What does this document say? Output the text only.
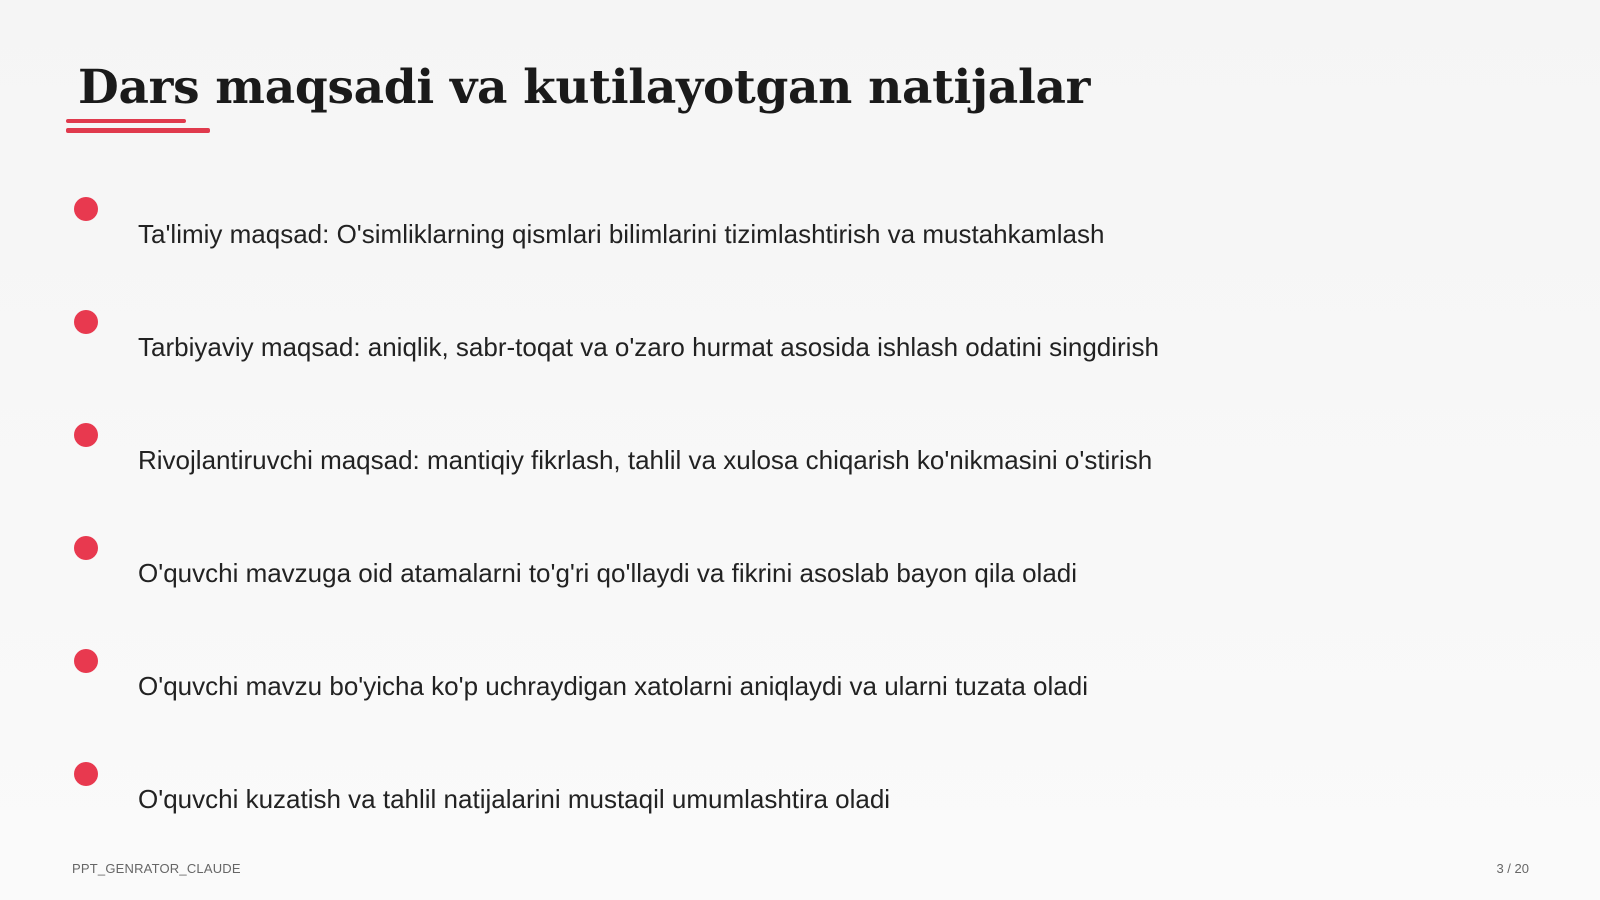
Dars maqsadi va kutilayotgan natijalar
Ta'limiy maqsad: O'simliklarning qismlari bilimlarini tizimlashtirish va mustahkamlash
Tarbiyaviy maqsad: aniqlik, sabr-toqat va o'zaro hurmat asosida ishlash odatini singdirish
Rivojlantiruvchi maqsad: mantiqiy fikrlash, tahlil va xulosa chiqarish ko'nikmasini o'stirish
O'quvchi mavzuga oid atamalarni to'g'ri qo'llaydi va fikrini asoslab bayon qila oladi
O'quvchi mavzu bo'yicha ko'p uchraydigan xatolarni aniqlaydi va ularni tuzata oladi
O'quvchi kuzatish va tahlil natijalarini mustaqil umumlashtira oladi
PPT_GENRATOR_CLAUDE	3 / 20
